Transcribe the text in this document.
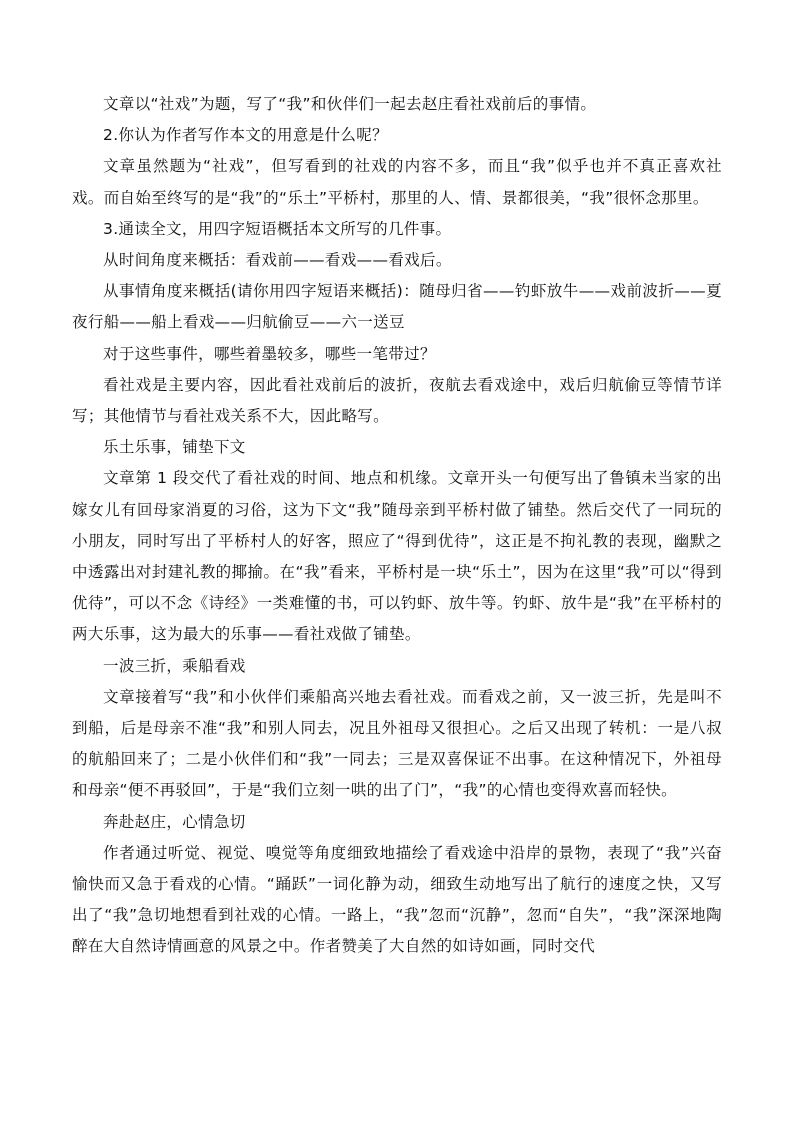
文章以“社戏”为题，写了“我”和伙伴们一起去赵庄看社戏前后的事情。

2.你认为作者写作本文的用意是什么呢？

文章虽然题为“社戏”，但写看到的社戏的内容不多，而且“我”似乎也并不真正喜欢社戏。而自始至终写的是“我”的“乐土”平桥村，那里的人、情、景都很美，“我”很怀念那里。

3.通读全文，用四字短语概括本文所写的几件事。

从时间角度来概括：看戏前——看戏——看戏后。

从事情角度来概括(请你用四字短语来概括)：随母归省——钓虾放牛——戏前波折——夏夜行船——船上看戏——归航偷豆——六一送豆

对于这些事件，哪些着墨较多，哪些一笔带过？

看社戏是主要内容，因此看社戏前后的波折，夜航去看戏途中，戏后归航偷豆等情节详写；其他情节与看社戏关系不大，因此略写。

乐土乐事，铺垫下文

文章第 1 段交代了看社戏的时间、地点和机缘。文章开头一句便写出了鲁镇未当家的出嫁女儿有回母家消夏的习俗，这为下文“我”随母亲到平桥村做了铺垫。然后交代了一同玩的小朋友，同时写出了平桥村人的好客，照应了“得到优待”，这正是不拘礼教的表现，幽默之中透露出对封建礼教的揶揄。在“我”看来，平桥村是一块“乐土”，因为在这里“我”可以“得到优待”，可以不念《诗经》一类难懂的书，可以钓虾、放牛等。钓虾、放牛是“我”在平桥村的两大乐事，这为最大的乐事——看社戏做了铺垫。

一波三折，乘船看戏

文章接着写“我”和小伙伴们乘船高兴地去看社戏。而看戏之前，又一波三折，先是叫不到船，后是母亲不准“我”和别人同去，况且外祖母又很担心。之后又出现了转机：一是八叔的航船回来了；二是小伙伴们和“我”一同去；三是双喜保证不出事。在这种情况下，外祖母和母亲“便不再驳回”，于是“我们立刻一哄的出了门”，“我”的心情也变得欢喜而轻快。

奔赴赵庄，心情急切

作者通过听觉、视觉、嗅觉等角度细致地描绘了看戏途中沿岸的景物，表现了“我”兴奋愉快而又急于看戏的心情。“踊跃”一词化静为动，细致生动地写出了航行的速度之快，又写出了“我”急切地想看到社戏的心情。一路上，“我”忽而“沉静”，忽而“自失”，“我”深深地陶醉在大自然诗情画意的风景之中。作者赞美了大自然的如诗如画，同时交代
